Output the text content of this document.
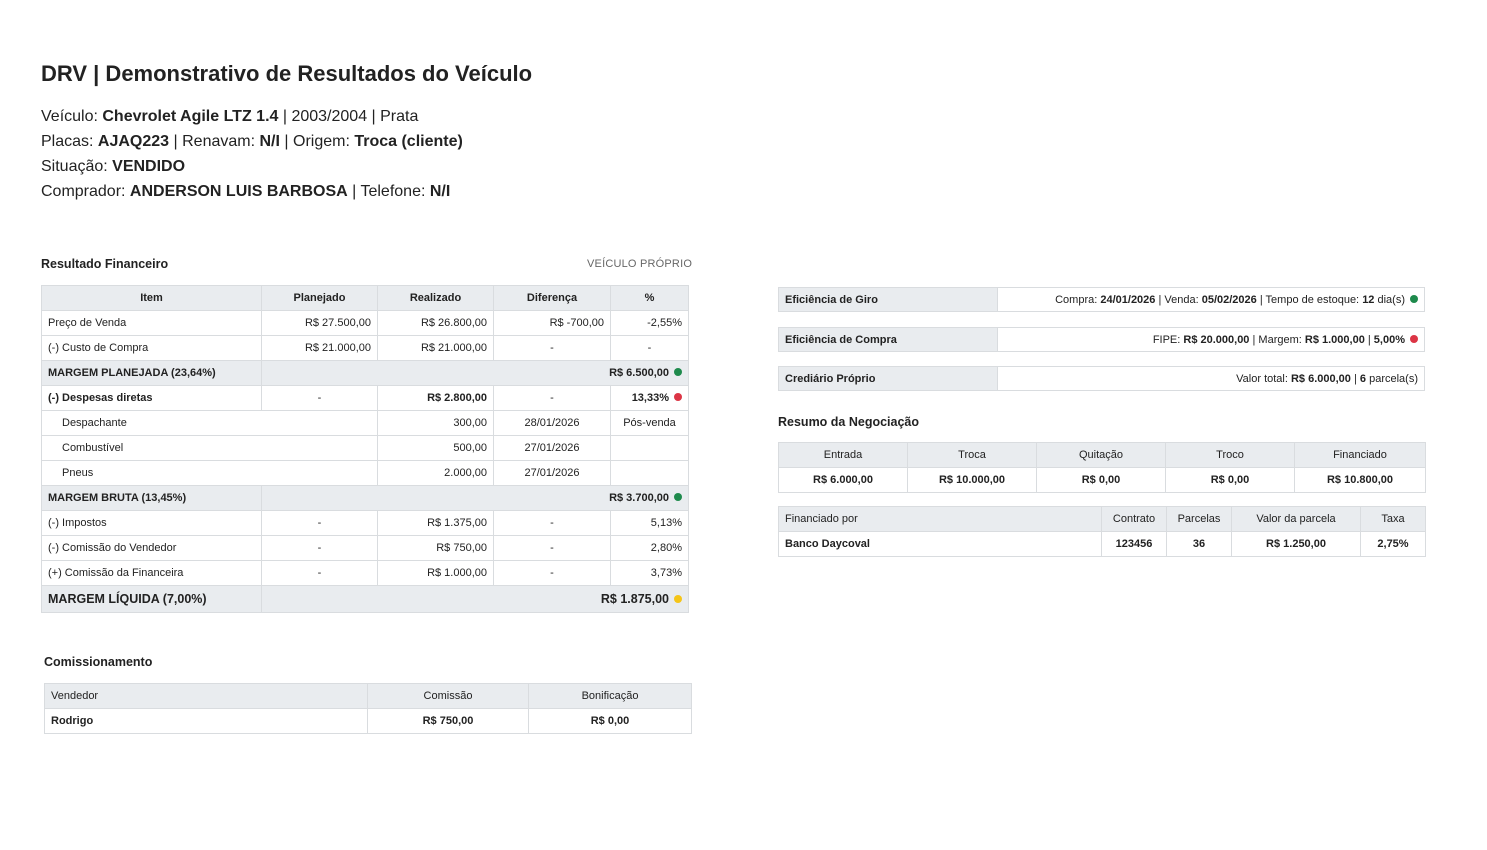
DRV | Demonstrativo de Resultados do Veículo
Veículo: Chevrolet Agile LTZ 1.4 | 2003/2004 | Prata
Placas: AJAQ223 | Renavam: N/I | Origem: Troca (cliente)
Situação: VENDIDO
Comprador: ANDERSON LUIS BARBOSA | Telefone: N/I
Resultado Financeiro	VEÍCULO PRÓPRIO
Item	Planejado	Realizado	Diferença	%
Preço de Venda	R$ 27.500,00	R$ 26.800,00	R$ -700,00	-2,55%
(-) Custo de Compra	R$ 21.000,00	R$ 21.000,00	-	-
MARGEM PLANEJADA (23,64%)	R$ 6.500,00			
(-) Despesas diretas	-	R$ 2.800,00	-	13,33%
Despachante		300,00	28/01/2026	Pós-venda
Combustível		500,00	27/01/2026	
Pneus		2.000,00	27/01/2026	
MARGEM BRUTA (13,45%)	R$ 3.700,00			
(-) Impostos	-	R$ 1.375,00	-	5,13%
(-) Comissão do Vendedor	-	R$ 750,00	-	2,80%
(+) Comissão da Financeira	-	R$ 1.000,00	-	3,73%
MARGEM LÍQUIDA (7,00%)	R$ 1.875,00			
Comissionamento
Vendedor	Comissão	Bonificação
Rodrigo	R$ 750,00	R$ 0,00
Eficiência de Giro	Compra: 24/01/2026 | Venda: 05/02/2026 | Tempo de estoque: 12 dia(s)
Eficiência de Compra	FIPE: R$ 20.000,00 | Margem: R$ 1.000,00 | 5,00%
Crediário Próprio	Valor total: R$ 6.000,00 | 6 parcela(s)
Resumo da Negociação
Entrada	Troca	Quitação	Troco	Financiado
R$ 6.000,00	R$ 10.000,00	R$ 0,00	R$ 0,00	R$ 10.800,00
Financiado por	Contrato	Parcelas	Valor da parcela	Taxa
Banco Daycoval	123456	36	R$ 1.250,00	2,75%
